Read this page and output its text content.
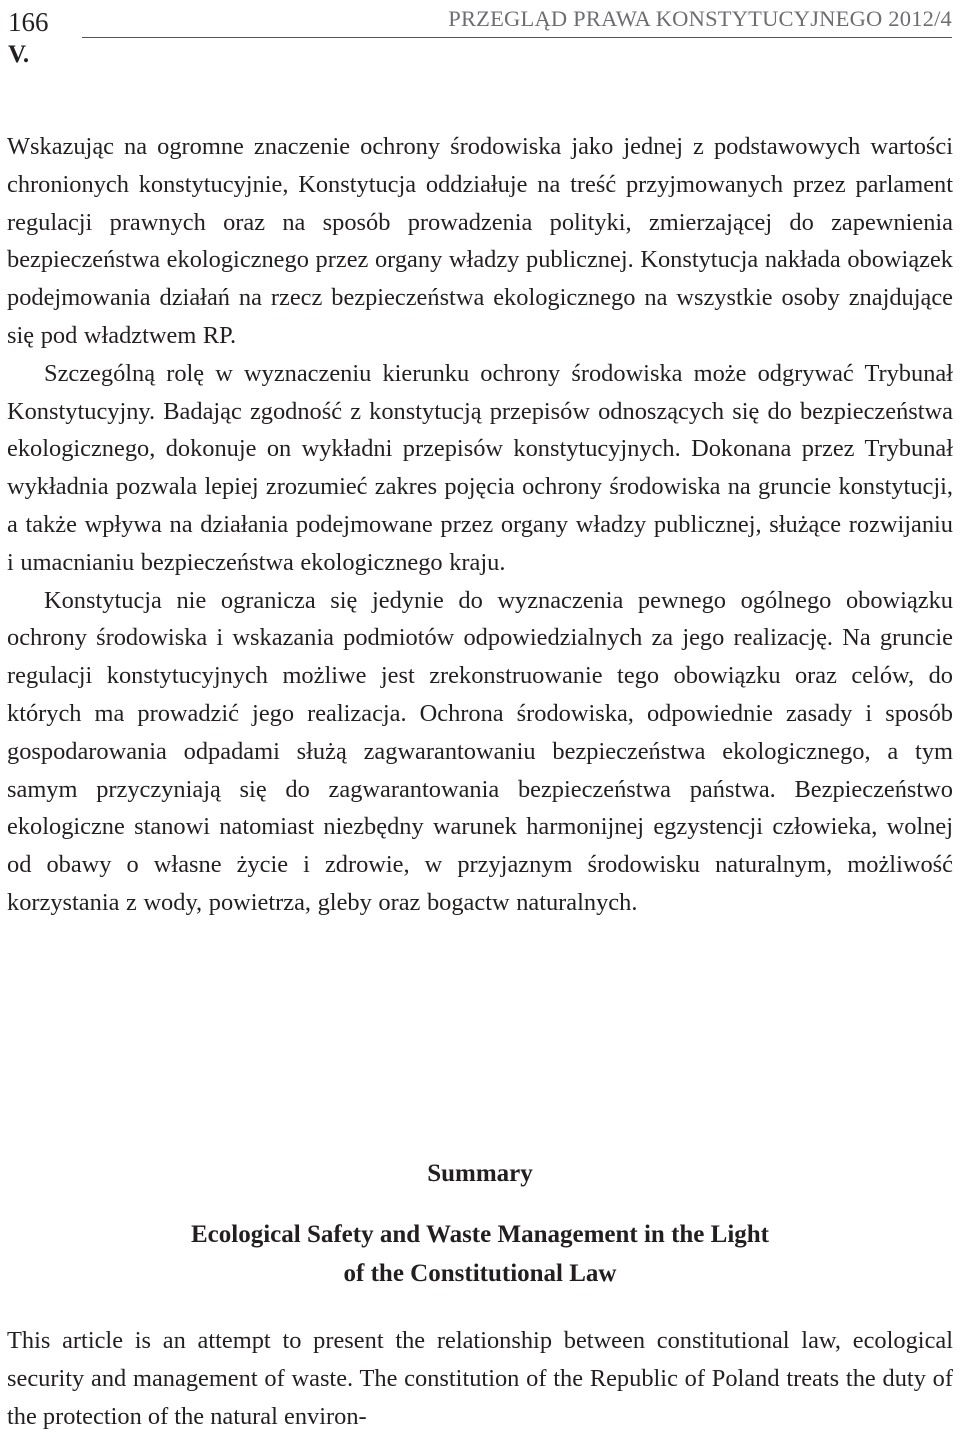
166	PRZEGLĄD PRAWA KONSTYTUCYJNEGO 2012/4
V.

Wskazując na ogromne znaczenie ochrony środowiska jako jednej z podstawowych wartości chronionych konstytucyjnie, Konstytucja oddziałuje na treść przyjmowanych przez parlament regulacji prawnych oraz na sposób prowadzenia polityki, zmierzającej do zapewnienia bezpieczeństwa ekologicznego przez organy władzy publicznej. Konstytucja nakłada obowiązek podejmowania działań na rzecz bezpieczeństwa ekologicznego na wszystkie osoby znajdujące się pod władztwem RP.

Szczególną rolę w wyznaczeniu kierunku ochrony środowiska może odgrywać Trybunał Konstytucyjny. Badając zgodność z konstytucją przepisów odnoszących się do bezpieczeństwa ekologicznego, dokonuje on wykładni przepisów konstytucyjnych. Dokonana przez Trybunał wykładnia pozwala lepiej zrozumieć zakres pojęcia ochrony środowiska na gruncie konstytucji, a także wpływa na działania podejmowane przez organy władzy publicznej, służące rozwijaniu i umacnianiu bezpieczeństwa ekologicznego kraju.

Konstytucja nie ogranicza się jedynie do wyznaczenia pewnego ogólnego obowiązku ochrony środowiska i wskazania podmiotów odpowiedzialnych za jego realizację. Na gruncie regulacji konstytucyjnych możliwe jest zrekonstruowanie tego obowiązku oraz celów, do których ma prowadzić jego realizacja. Ochrona środowiska, odpowiednie zasady i sposób gospodarowania odpadami służą zagwarantowaniu bezpieczeństwa ekologicznego, a tym samym przyczyniają się do zagwarantowania bezpieczeństwa państwa. Bezpieczeństwo ekologiczne stanowi natomiast niezbędny warunek harmonijnej egzystencji człowieka, wolnej od obawy o własne życie i zdrowie, w przyjaznym środowisku naturalnym, możliwość korzystania z wody, powietrza, gleby oraz bogactw naturalnych.

Summary
Ecological Safety and Waste Management in the Light
of the Constitutional Law

This article is an attempt to present the relationship between constitutional law, ecological security and management of waste. The constitution of the Republic of Poland treats the duty of the protection of the natural environ-
